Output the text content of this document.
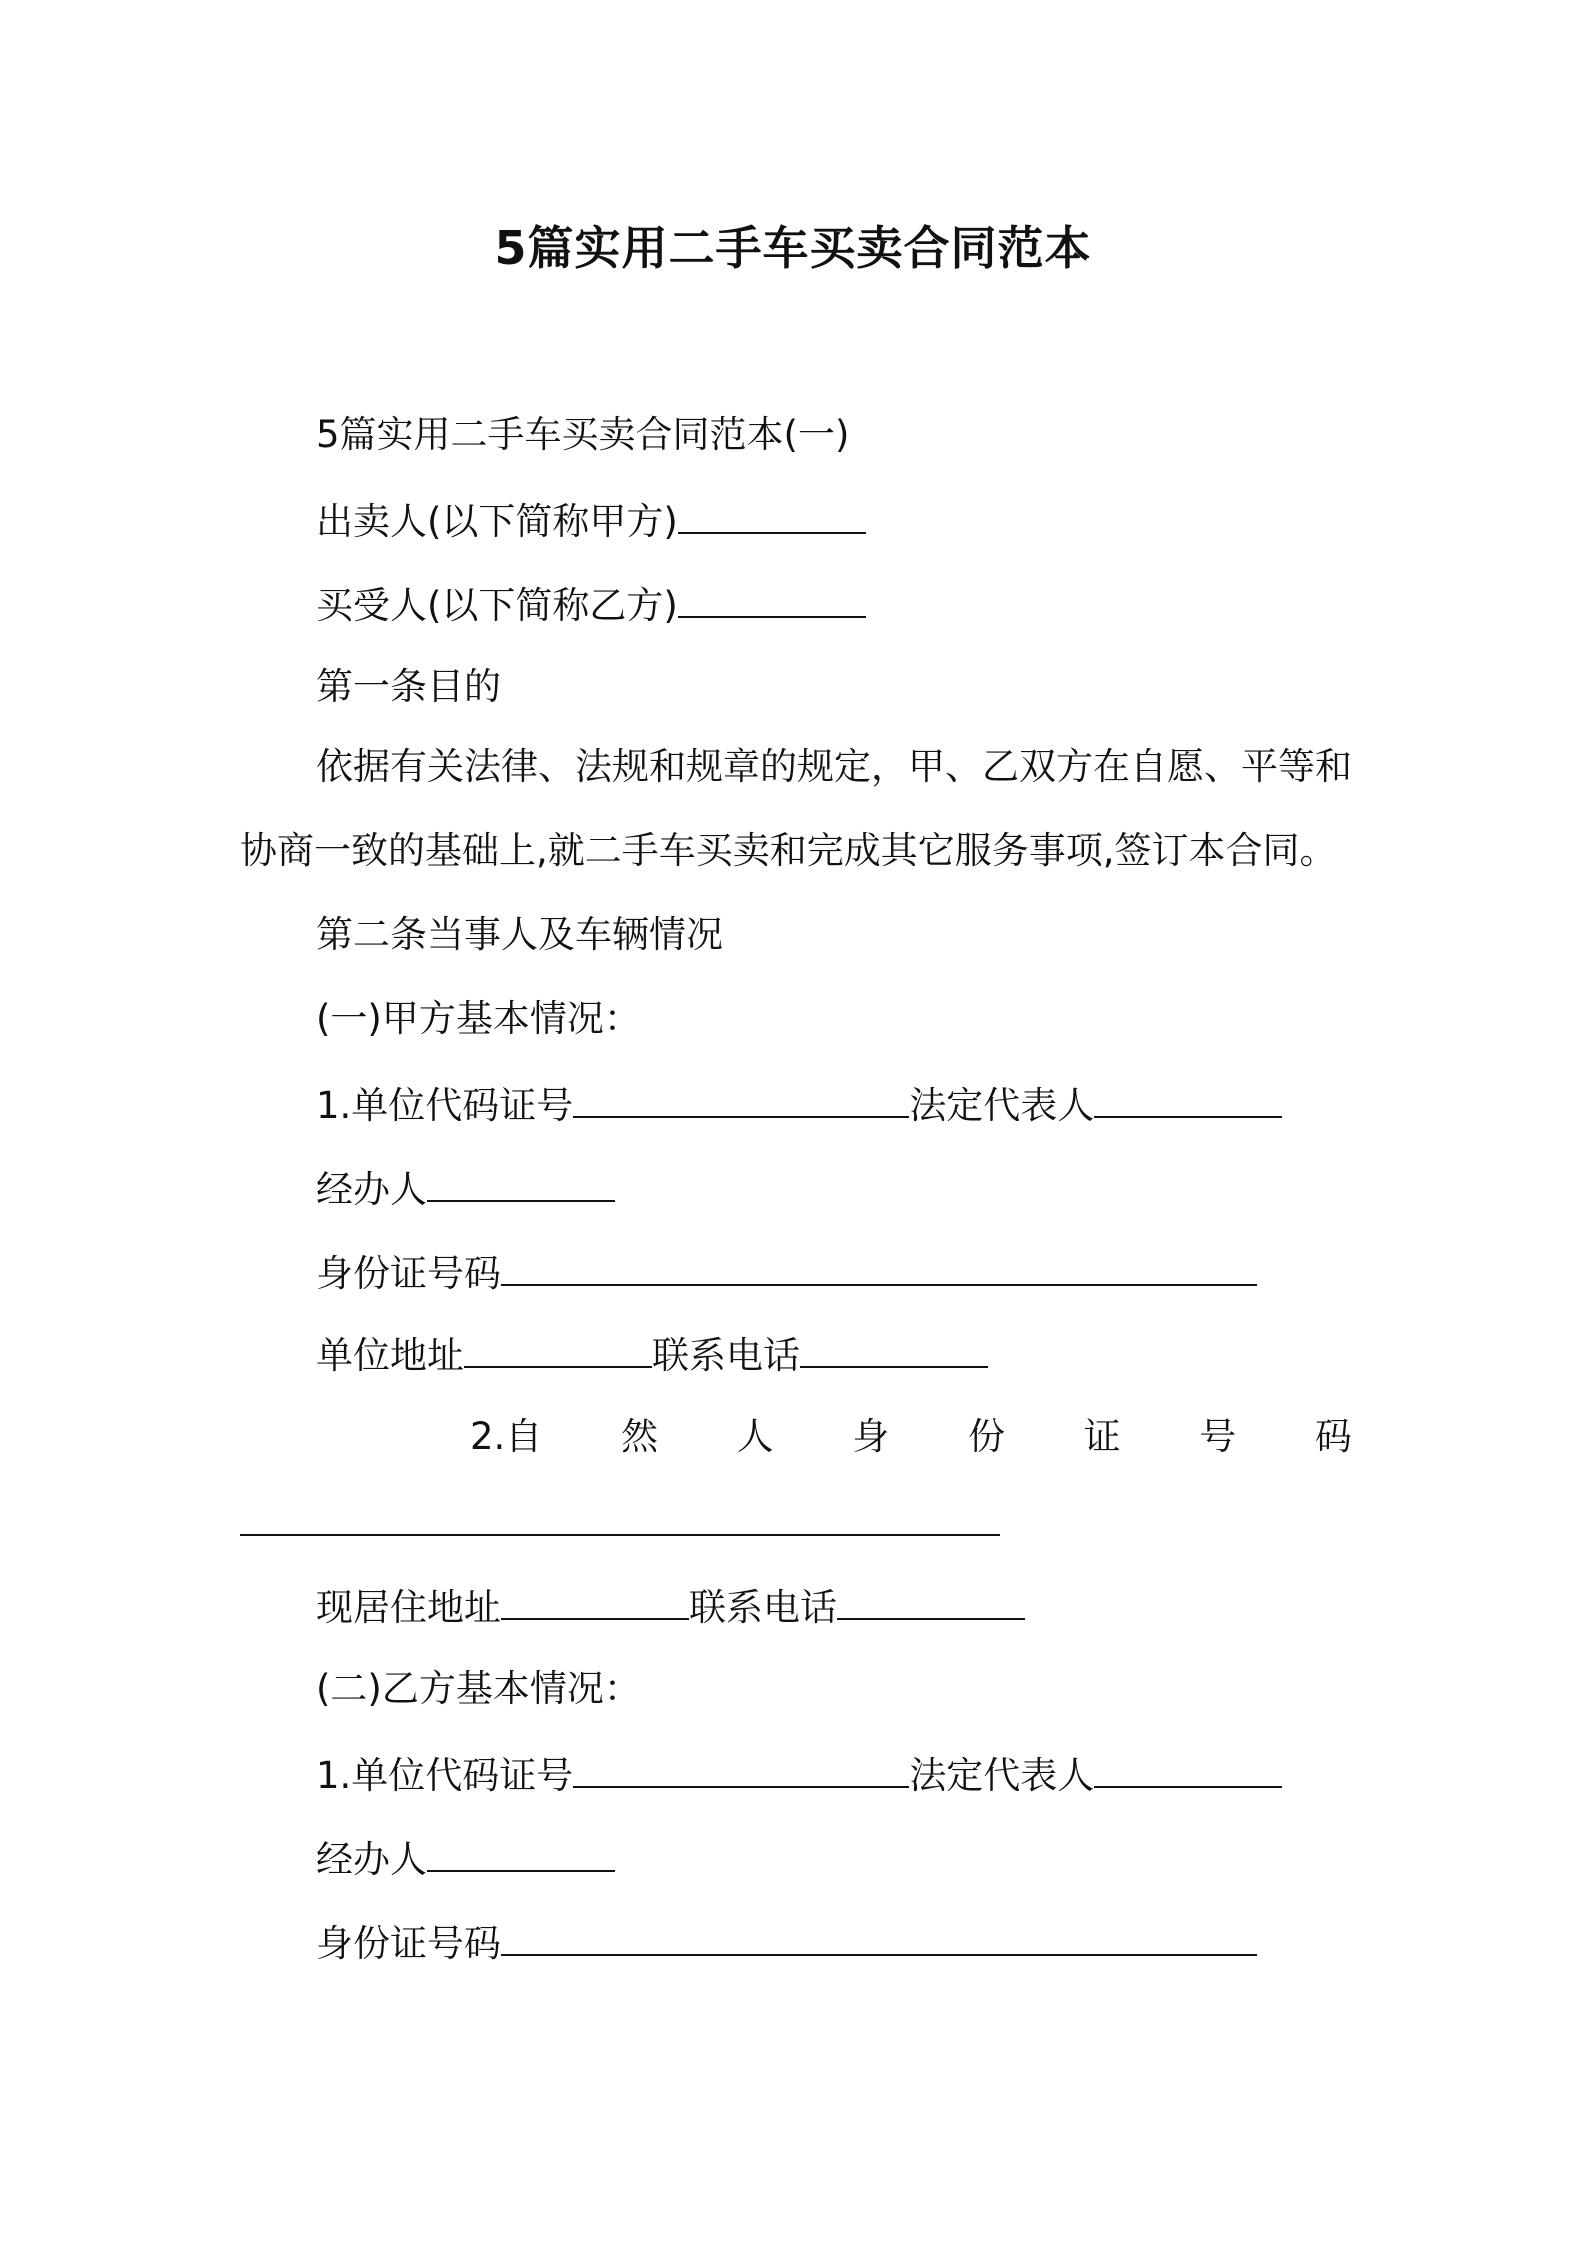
5篇实用二手车买卖合同范本
5篇实用二手车买卖合同范本(一)
出卖人(以下简称甲方)
买受人(以下简称乙方)
第一条目的
依据有关法律、法规和规章的规定，甲、乙双方在自愿、平等和
协商一致的基础上,就二手车买卖和完成其它服务事项,签订本合同。
第二条当事人及车辆情况
(一)甲方基本情况：
1.单位代码证号	法定代表人
经办人
身份证号码
单位地址	联系电话
2.自 然 人 身 份 证 号 码
现居住地址	联系电话
(二)乙方基本情况：
1.单位代码证号	法定代表人
经办人
身份证号码
